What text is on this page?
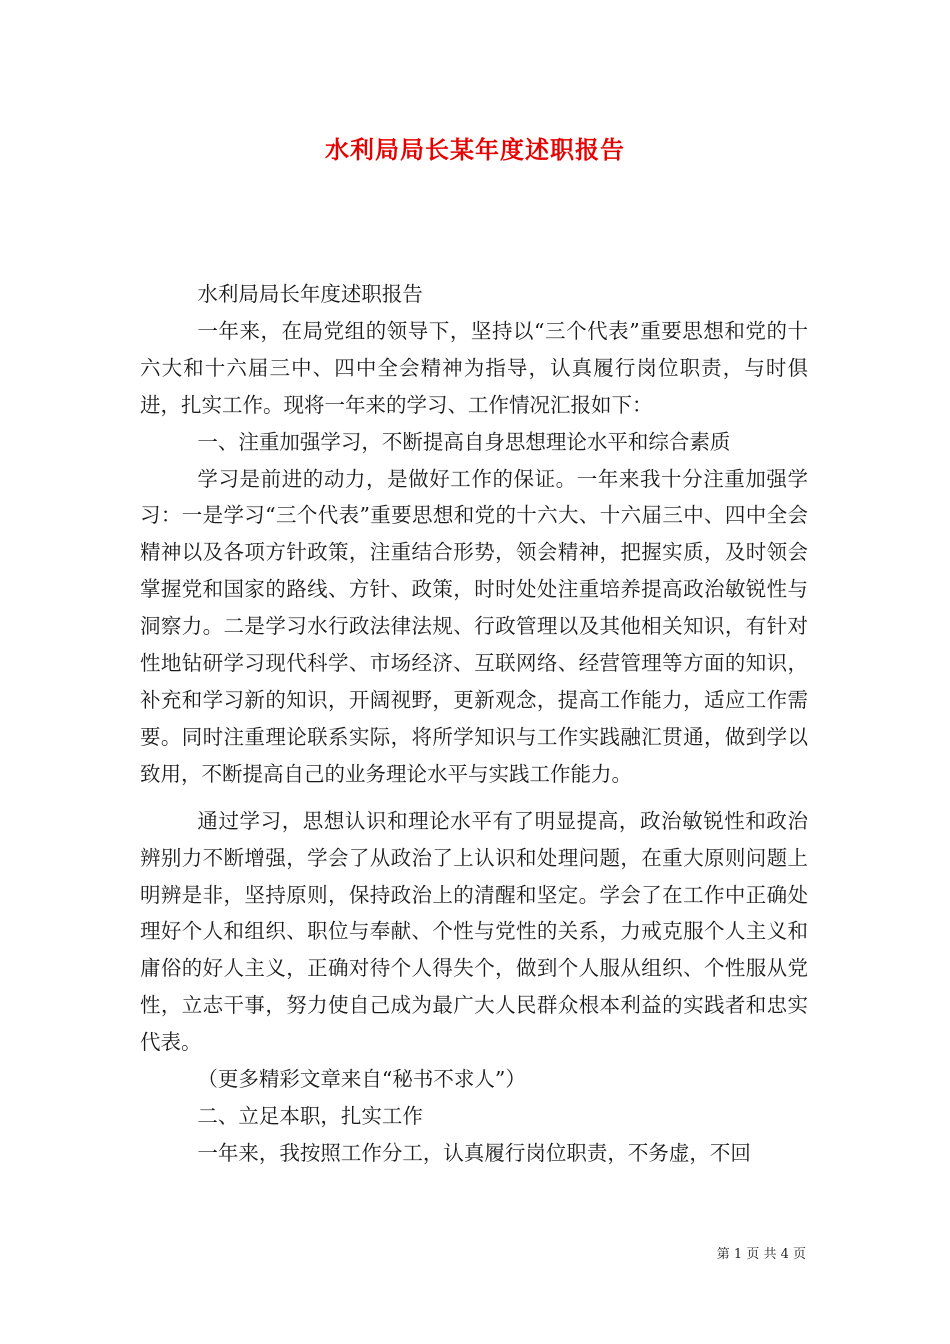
水利局局长某年度述职报告

水利局局长年度述职报告

一年来，在局党组的领导下，坚持以“三个代表”重要思想和党的十六大和十六届三中、四中全会精神为指导，认真履行岗位职责，与时俱进，扎实工作。现将一年来的学习、工作情况汇报如下：

一、注重加强学习，不断提高自身思想理论水平和综合素质

学习是前进的动力，是做好工作的保证。一年来我十分注重加强学习：一是学习“三个代表”重要思想和党的十六大、十六届三中、四中全会精神以及各项方针政策，注重结合形势，领会精神，把握实质，及时领会掌握党和国家的路线、方针、政策，时时处处注重培养提高政治敏锐性与洞察力。二是学习水行政法律法规、行政管理以及其他相关知识，有针对性地钻研学习现代科学、市场经济、互联网络、经营管理等方面的知识，补充和学习新的知识，开阔视野，更新观念，提高工作能力，适应工作需要。同时注重理论联系实际，将所学知识与工作实践融汇贯通，做到学以致用，不断提高自己的业务理论水平与实践工作能力。

通过学习，思想认识和理论水平有了明显提高，政治敏锐性和政治辨别力不断增强，学会了从政治了上认识和处理问题，在重大原则问题上明辨是非，坚持原则，保持政治上的清醒和坚定。学会了在工作中正确处理好个人和组织、职位与奉献、个性与党性的关系，力戒克服个人主义和庸俗的好人主义，正确对待个人得失个，做到个人服从组织、个性服从党性，立志干事，努力使自己成为最广大人民群众根本利益的实践者和忠实代表。

（更多精彩文章来自“秘书不求人”）

二、立足本职，扎实工作

一年来，我按照工作分工，认真履行岗位职责，不务虚，不回

第 1 页 共 4 页
